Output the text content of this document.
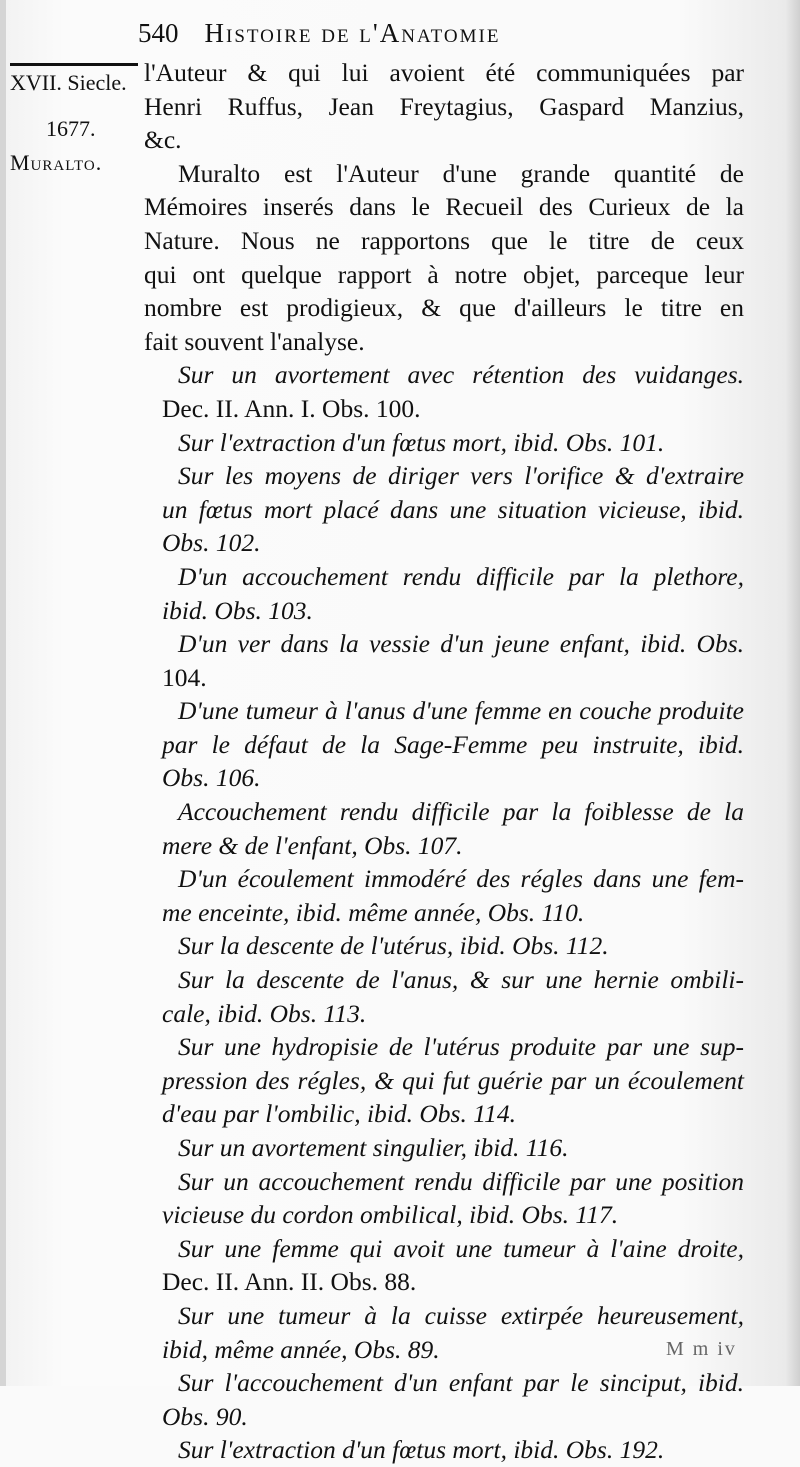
540 Histoire de l'Anatomie
XVII. Siecle.
1677.
Muralto.
l'Auteur & qui lui avoient été communiquées par
Henri Ruffus, Jean Freytagius, Gaspard Manzius,
&c.
Muralto est l'Auteur d'une grande quantité de
Mémoires inserés dans le Recueil des Curieux de la
Nature. Nous ne rapportons que le titre de ceux
qui ont quelque rapport à notre objet, parceque leur
nombre est prodigieux, & que d'ailleurs le titre en
fait souvent l'analyse.
Sur un avortement avec rétention des vuidanges.
Dec. II. Ann. I. Obs. 100.
Sur l'extraction d'un fœtus mort, ibid. Obs. 101.
Sur les moyens de diriger vers l'orifice & d'extraire
un fœtus mort placé dans une situation vicieuse, ibid.
Obs. 102.
D'un accouchement rendu difficile par la plethore,
ibid. Obs. 103.
D'un ver dans la vessie d'un jeune enfant, ibid. Obs.
104.
D'une tumeur à l'anus d'une femme en couche produite
par le défaut de la Sage-Femme peu instruite, ibid.
Obs. 106.
Accouchement rendu difficile par la foiblesse de la
mere & de l'enfant, Obs. 107.
D'un écoulement immodéré des régles dans une fem-
me enceinte, ibid. même année, Obs. 110.
Sur la descente de l'utérus, ibid. Obs. 112.
Sur la descente de l'anus, & sur une hernie ombili-
cale, ibid. Obs. 113.
Sur une hydropisie de l'utérus produite par une sup-
pression des régles, & qui fut guérie par un écoulement
d'eau par l'ombilic, ibid. Obs. 114.
Sur un avortement singulier, ibid. 116.
Sur un accouchement rendu difficile par une position
vicieuse du cordon ombilical, ibid. Obs. 117.
Sur une femme qui avoit une tumeur à l'aine droite,
Dec. II. Ann. II. Obs. 88.
Sur une tumeur à la cuisse extirpée heureusement,
ibid, même année, Obs. 89.
Sur l'accouchement d'un enfant par le sinciput, ibid.
Obs. 90.
Sur l'extraction d'un fœtus mort, ibid. Obs. 192.
M m iv
